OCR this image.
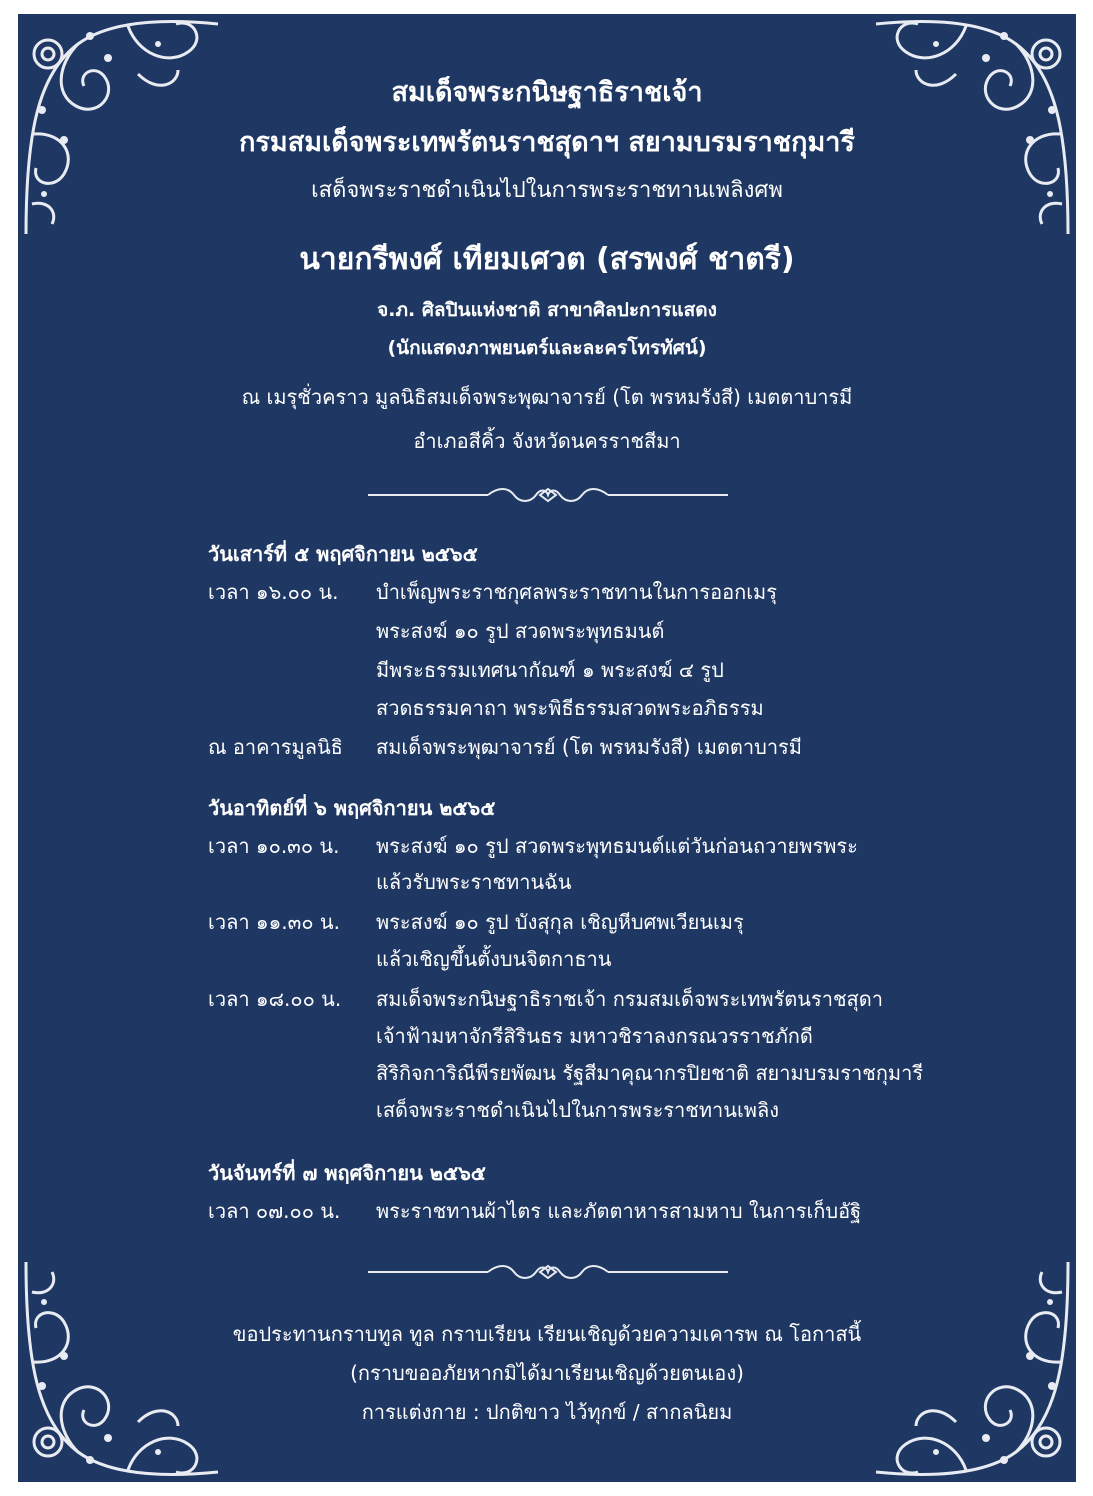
สมเด็จพระกนิษฐาธิราชเจ้า
กรมสมเด็จพระเทพรัตนราชสุดาฯ สยามบรมราชกุมารี
เสด็จพระราชดำเนินไปในการพระราชทานเพลิงศพ
นายกรีพงศ์ เทียมเศวต (สรพงศ์ ชาตรี)
จ.ภ. ศิลปินแห่งชาติ สาขาศิลปะการแสดง
(นักแสดงภาพยนตร์และละครโทรทัศน์)
ณ เมรุชั่วคราว มูลนิธิสมเด็จพระพุฒาจารย์ (โต พรหมรังสี) เมตตาบารมี
อำเภอสีคิ้ว จังหวัดนครราชสีมา
วันเสาร์ที่ ๕ พฤศจิกายน ๒๕๖๕
เวลา ๑๖.๐๐ น. บำเพ็ญพระราชกุศลพระราชทานในการออกเมรุ
พระสงฆ์ ๑๐ รูป สวดพระพุทธมนต์
มีพระธรรมเทศนากัณฑ์ ๑ พระสงฆ์ ๔ รูป
สวดธรรมคาถา พระพิธีธรรมสวดพระอภิธรรม
ณ อาคารมูลนิธิ สมเด็จพระพุฒาจารย์ (โต พรหมรังสี) เมตตาบารมี
วันอาทิตย์ที่ ๖ พฤศจิกายน ๒๕๖๕
เวลา ๑๐.๓๐ น. พระสงฆ์ ๑๐ รูป สวดพระพุทธมนต์แต่วันก่อนถวายพรพระ
แล้วรับพระราชทานฉัน
เวลา ๑๑.๓๐ น. พระสงฆ์ ๑๐ รูป บังสุกุล เชิญหีบศพเวียนเมรุ
แล้วเชิญขึ้นตั้งบนจิตกาธาน
เวลา ๑๘.๐๐ น. สมเด็จพระกนิษฐาธิราชเจ้า กรมสมเด็จพระเทพรัตนราชสุดา
เจ้าฟ้ามหาจักรีสิรินธร มหาวชิราลงกรณวรราชภักดี
สิริกิจการิณีพีรยพัฒน รัฐสีมาคุณากรปิยชาติ สยามบรมราชกุมารี
เสด็จพระราชดำเนินไปในการพระราชทานเพลิง
วันจันทร์ที่ ๗ พฤศจิกายน ๒๕๖๕
เวลา ๐๗.๐๐ น. พระราชทานผ้าไตร และภัตตาหารสามหาบ ในการเก็บอัฐิ
ขอประทานกราบทูล ทูล กราบเรียน เรียนเชิญด้วยความเคารพ ณ โอกาสนี้
(กราบขออภัยหากมิได้มาเรียนเชิญด้วยตนเอง)
การแต่งกาย : ปกติขาว ไว้ทุกข์ / สากลนิยม
